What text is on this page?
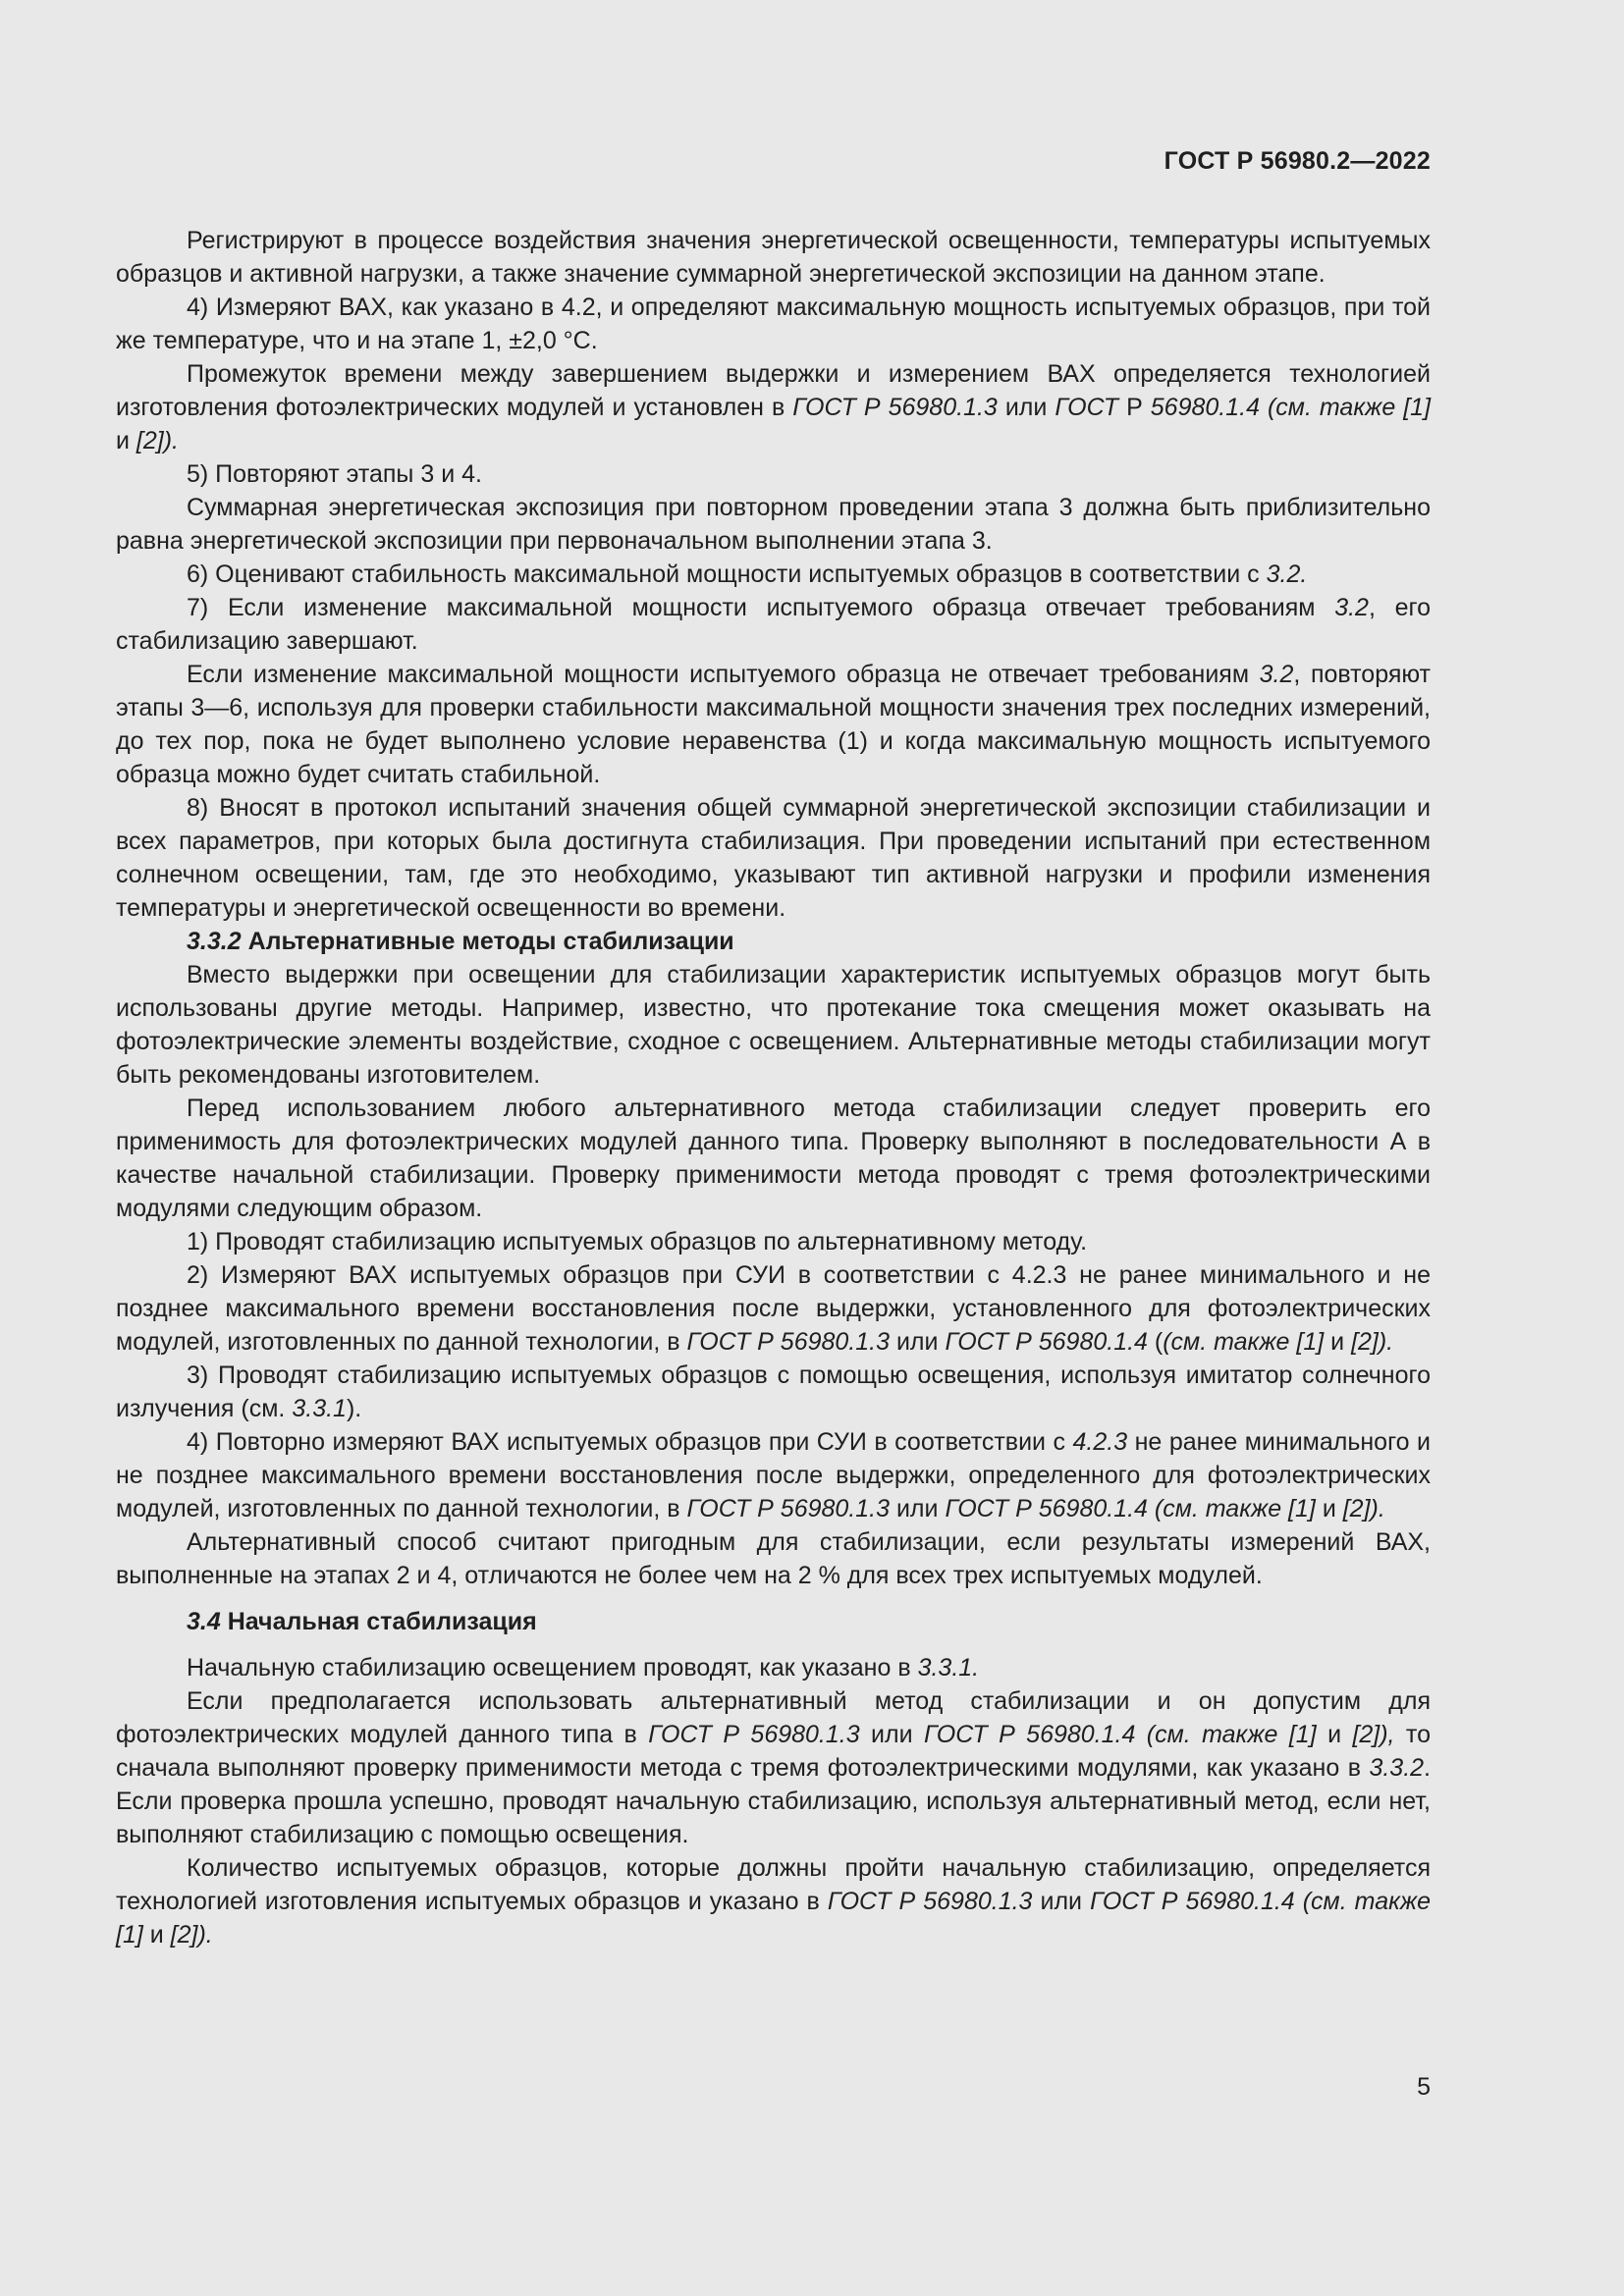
ГОСТ Р 56980.2—2022

Регистрируют в процессе воздействия значения энергетической освещенности, температуры испытуемых образцов и активной нагрузки, а также значение суммарной энергетической экспозиции на данном этапе.

4) Измеряют ВАХ, как указано в 4.2, и определяют максимальную мощность испытуемых образцов, при той же температуре, что и на этапе 1, ±2,0 °С.

Промежуток времени между завершением выдержки и измерением ВАХ определяется технологией изготовления фотоэлектрических модулей и установлен в ГОСТ Р 56980.1.3 или ГОСТ Р 56980.1.4 (см. также [1] и [2]).

5) Повторяют этапы 3 и 4.

Суммарная энергетическая экспозиция при повторном проведении этапа 3 должна быть приблизительно равна энергетической экспозиции при первоначальном выполнении этапа 3.

6) Оценивают стабильность максимальной мощности испытуемых образцов в соответствии с 3.2.

7) Если изменение максимальной мощности испытуемого образца отвечает требованиям 3.2, его стабилизацию завершают.

Если изменение максимальной мощности испытуемого образца не отвечает требованиям 3.2, повторяют этапы 3—6, используя для проверки стабильности максимальной мощности значения трех последних измерений, до тех пор, пока не будет выполнено условие неравенства (1) и когда максимальную мощность испытуемого образца можно будет считать стабильной.

8) Вносят в протокол испытаний значения общей суммарной энергетической экспозиции стабилизации и всех параметров, при которых была достигнута стабилизация. При проведении испытаний при естественном солнечном освещении, там, где это необходимо, указывают тип активной нагрузки и профили изменения температуры и энергетической освещенности во времени.

3.3.2 Альтернативные методы стабилизации

Вместо выдержки при освещении для стабилизации характеристик испытуемых образцов могут быть использованы другие методы. Например, известно, что протекание тока смещения может оказывать на фотоэлектрические элементы воздействие, сходное с освещением. Альтернативные методы стабилизации могут быть рекомендованы изготовителем.

Перед использованием любого альтернативного метода стабилизации следует проверить его применимость для фотоэлектрических модулей данного типа. Проверку выполняют в последовательности А в качестве начальной стабилизации. Проверку применимости метода проводят с тремя фотоэлектрическими модулями следующим образом.

1) Проводят стабилизацию испытуемых образцов по альтернативному методу.

2) Измеряют ВАХ испытуемых образцов при СУИ в соответствии с 4.2.3 не ранее минимального и не позднее максимального времени восстановления после выдержки, установленного для фотоэлектрических модулей, изготовленных по данной технологии, в ГОСТ Р 56980.1.3 или ГОСТ Р 56980.1.4 ((см. также [1] и [2]).

3) Проводят стабилизацию испытуемых образцов с помощью освещения, используя имитатор солнечного излучения (см. 3.3.1).

4) Повторно измеряют ВАХ испытуемых образцов при СУИ в соответствии с 4.2.3 не ранее минимального и не позднее максимального времени восстановления после выдержки, определенного для фотоэлектрических модулей, изготовленных по данной технологии, в ГОСТ Р 56980.1.3 или ГОСТ Р 56980.1.4 (см. также [1] и [2]).

Альтернативный способ считают пригодным для стабилизации, если результаты измерений ВАХ, выполненные на этапах 2 и 4, отличаются не более чем на 2 % для всех трех испытуемых модулей.

3.4 Начальная стабилизация

Начальную стабилизацию освещением проводят, как указано в 3.3.1.

Если предполагается использовать альтернативный метод стабилизации и он допустим для фотоэлектрических модулей данного типа в ГОСТ Р 56980.1.3 или ГОСТ Р 56980.1.4 (см. также [1] и [2]), то сначала выполняют проверку применимости метода с тремя фотоэлектрическими модулями, как указано в 3.3.2. Если проверка прошла успешно, проводят начальную стабилизацию, используя альтернативный метод, если нет, выполняют стабилизацию с помощью освещения.

Количество испытуемых образцов, которые должны пройти начальную стабилизацию, определяется технологией изготовления испытуемых образцов и указано в ГОСТ Р 56980.1.3 или ГОСТ Р 56980.1.4 (см. также [1] и [2]).

5
